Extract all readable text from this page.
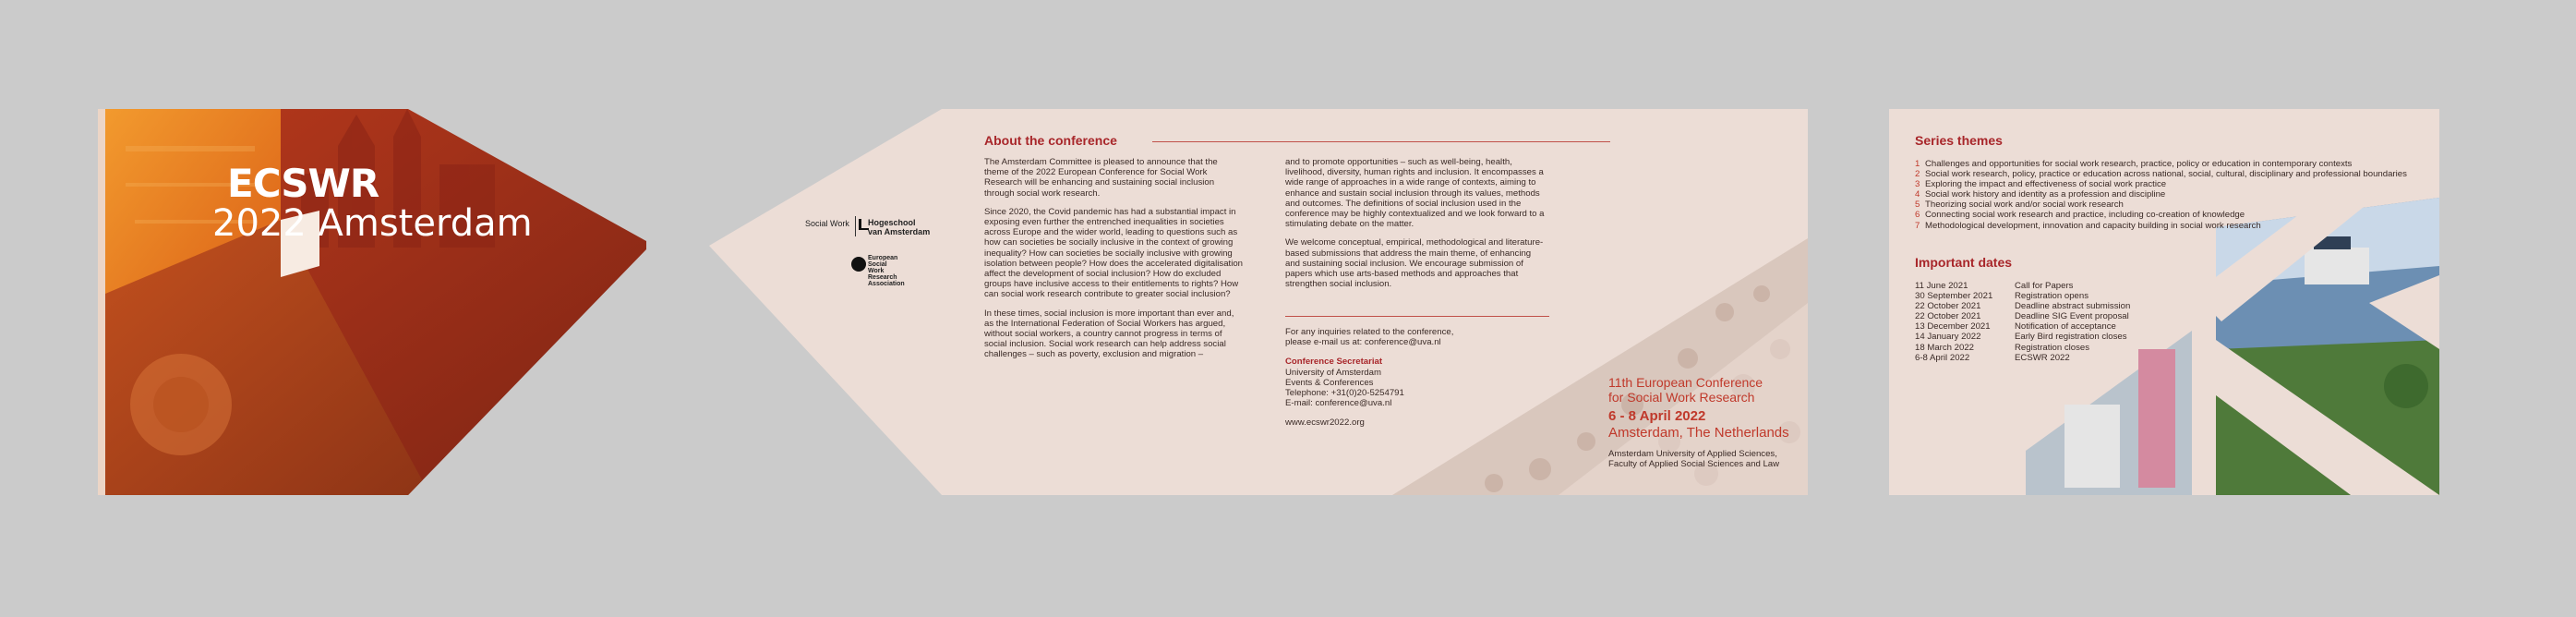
ECSWR
2022 Amsterdam	Social Work Hogeschool
van Amsterdam
European
Social
Work
Research
Association
About the conference

The Amsterdam Committee is pleased to announce that the theme of the 2022 European Conference for Social Work Research will be enhancing and sustaining social inclusion through social work research.

Since 2020, the Covid pandemic has had a substantial impact in exposing even further the entrenched inequalities in societies across Europe and the wider world, leading to questions such as how can societies be socially inclusive in the context of growing inequality? How can societies be socially inclusive with growing isolation between people? How does the accelerated digitalisation affect the development of social inclusion? How do excluded groups have inclusive access to their entitlements to rights? How can social work research contribute to greater social inclusion?

In these times, social inclusion is more important than ever and, as the International Federation of Social Workers has argued, without social workers, a country cannot progress in terms of social inclusion. Social work research can help address social challenges – such as poverty, exclusion and migration –

and to promote opportunities – such as well-being, health, livelihood, diversity, human rights and inclusion. It encompasses a wide range of approaches in a wide range of contexts, aiming to enhance and sustain social inclusion through its values, methods and outcomes. The definitions of social inclusion used in the conference may be highly contextualized and we look forward to a stimulating debate on the matter.

We welcome conceptual, empirical, methodological and literature-based submissions that address the main theme, of enhancing and sustaining social inclusion. We encourage submission of papers which use arts-based methods and approaches that strengthen social inclusion.

For any inquiries related to the conference,
please e-mail us at: conference@uva.nl
Conference Secretariat
University of Amsterdam
Events & Conferences
Telephone: +31(0)20-5254791
E-mail: conference@uva.nl
www.ecswr2022.org
11th European Conference
for Social Work Research
6 - 8 April 2022
Amsterdam, The Netherlands
Amsterdam University of Applied Sciences,
Faculty of Applied Social Sciences and Law
Series themes
1 Challenges and opportunities for social work research, practice, policy or education in contemporary contexts
2 Social work research, policy, practice or education across national, social, cultural, disciplinary and professional boundaries
3 Exploring the impact and effectiveness of social work practice
4 Social work history and identity as a profession and discipline
5 Theorizing social work and/or social work research
6 Connecting social work research and practice, including co-creation of knowledge
7 Methodological development, innovation and capacity building in social work research
Important dates
11 June 2021	Call for Papers
30 September 2021 Registration opens
22 October 2021	Deadline abstract submission
22 October 2021	Deadline SIG Event proposal
13 December 2021	Notification of acceptance
14 January 2022	Early Bird registration closes
18 March 2022	Registration closes
6-8 April 2022	ECSWR 2022
